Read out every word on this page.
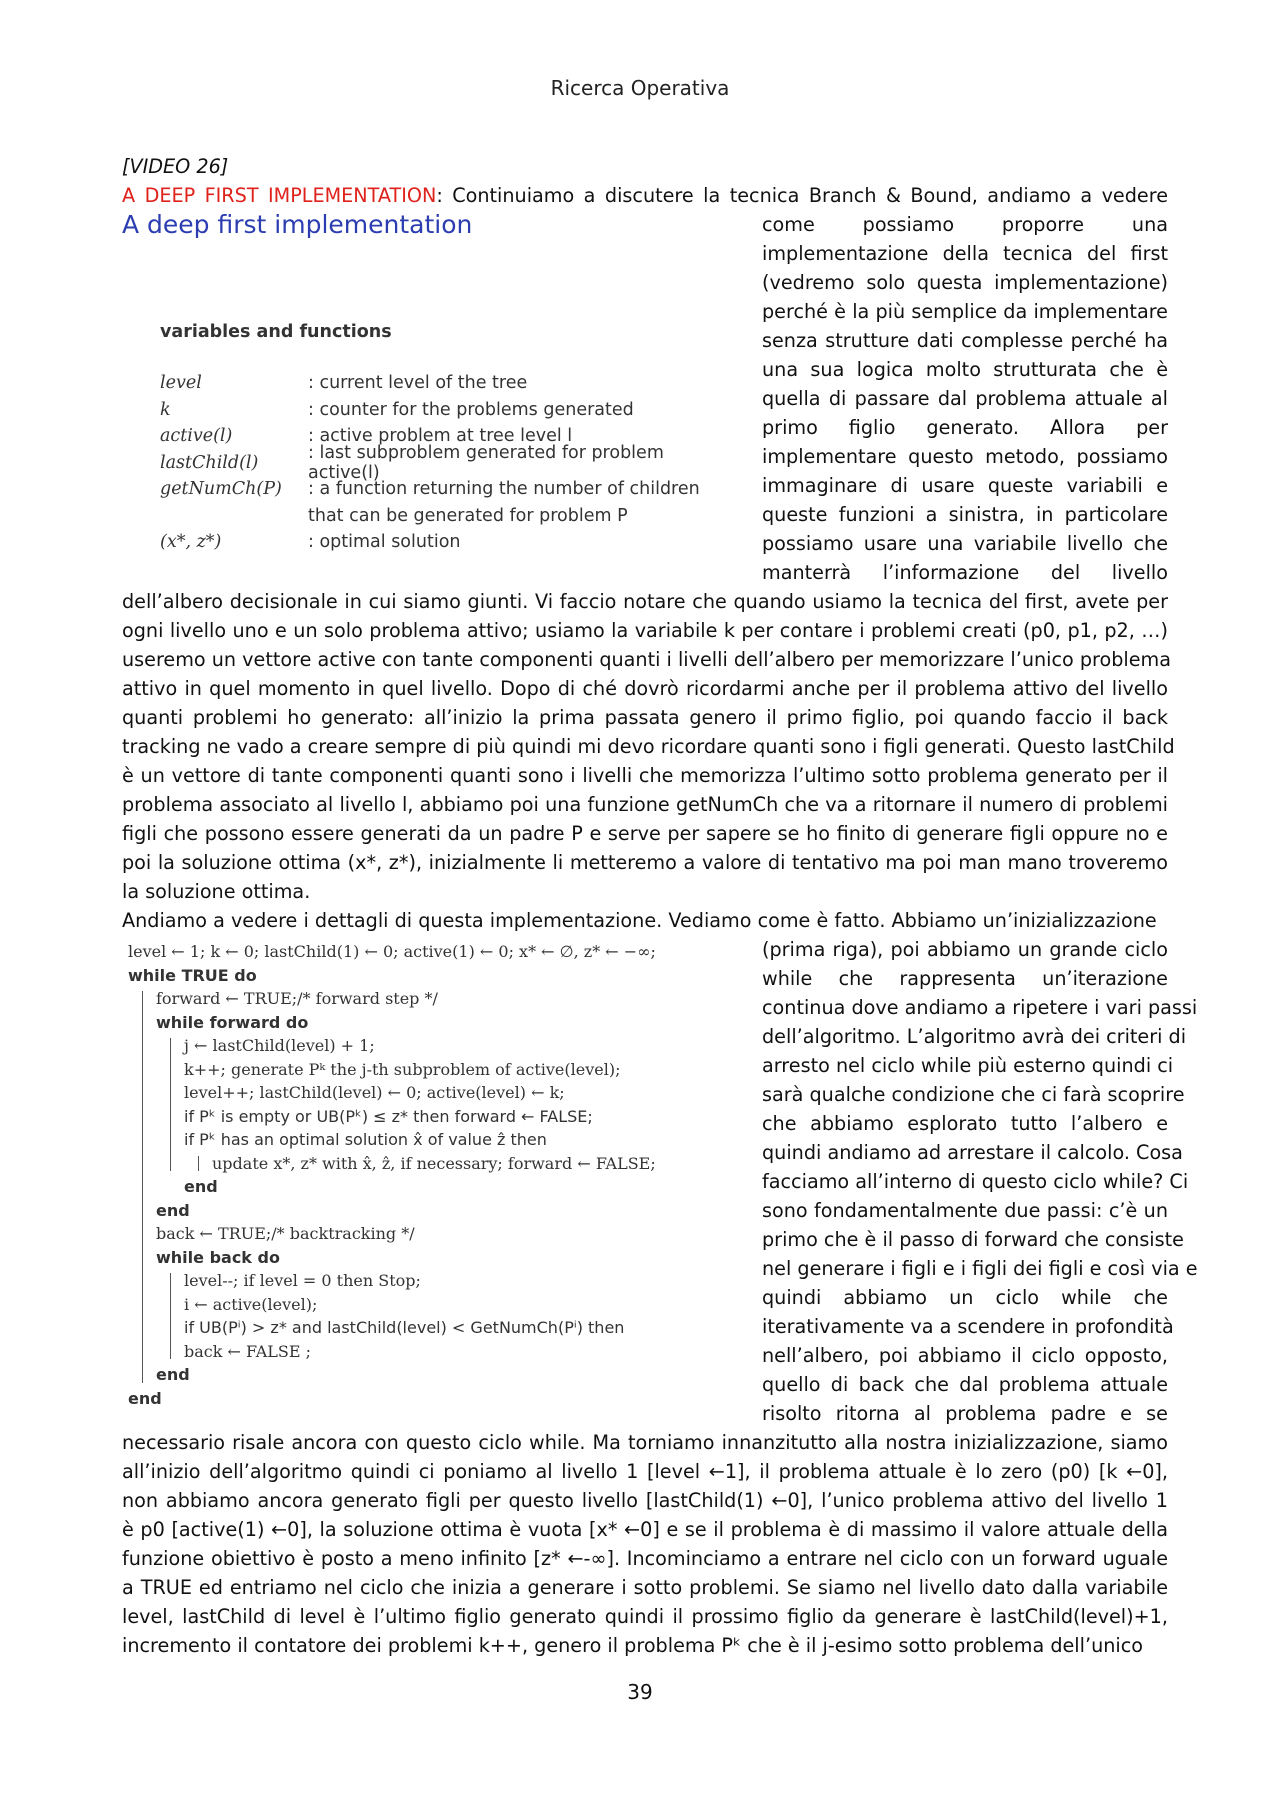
Ricerca Operativa
[VIDEO 26]
A DEEP FIRST IMPLEMENTATION: Continuiamo a discutere la tecnica Branch & Bound, andiamo a vedere
A deep first implementation
variables and functions
level	: current level of the tree
k	: counter for the problems generated
active(l)	: active problem at tree level l
lastChild(l)	: last subproblem generated for problem active(l)
getNumCh(P)	: a function returning the number of children
that can be generated for problem P
(x*, z*)	: optimal solution
come possiamo proporre una
implementazione della tecnica del first
(vedremo solo questa implementazione)
perché è la più semplice da implementare
senza strutture dati complesse perché ha
una sua logica molto strutturata che è
quella di passare dal problema attuale al
primo figlio generato. Allora per
implementare questo metodo, possiamo
immaginare di usare queste variabili e
queste funzioni a sinistra, in particolare
possiamo usare una variabile livello che
manterrà l’informazione del livello
dell’albero decisionale in cui siamo giunti. Vi faccio notare che quando usiamo la tecnica del first, avete per
ogni livello uno e un solo problema attivo; usiamo la variabile k per contare i problemi creati (p0, p1, p2, …)
useremo un vettore active con tante componenti quanti i livelli dell’albero per memorizzare l’unico problema
attivo in quel momento in quel livello. Dopo di ché dovrò ricordarmi anche per il problema attivo del livello
quanti problemi ho generato: all’inizio la prima passata genero il primo figlio, poi quando faccio il back
tracking ne vado a creare sempre di più quindi mi devo ricordare quanti sono i figli generati. Questo lastChild
è un vettore di tante componenti quanti sono i livelli che memorizza l’ultimo sotto problema generato per il
problema associato al livello l, abbiamo poi una funzione getNumCh che va a ritornare il numero di problemi
figli che possono essere generati da un padre P e serve per sapere se ho finito di generare figli oppure no e
poi la soluzione ottima (x*, z*), inizialmente li metteremo a valore di tentativo ma poi man mano troveremo
la soluzione ottima.
Andiamo a vedere i dettagli di questa implementazione. Vediamo come è fatto. Abbiamo un’inizializzazione
level ← 1; k ← 0; lastChild(1) ← 0; active(1) ← 0; x* ← ∅, z* ← −∞;
while TRUE do
forward ← TRUE;/* forward step */
while forward do
j ← lastChild(level) + 1;
k++; generate Pᵏ the j-th subproblem of active(level);
level++; lastChild(level) ← 0; active(level) ← k;
if Pᵏ is empty or UB(Pᵏ) ≤ z* then forward ← FALSE;
if Pᵏ has an optimal solution x̂ of value ẑ then
update x*, z* with x̂, ẑ, if necessary; forward ← FALSE;
end
end
back ← TRUE;/* backtracking */
while back do
level--; if level = 0 then Stop;
i ← active(level);
if UB(Pⁱ) > z* and lastChild(level) < GetNumCh(Pⁱ) then
back ← FALSE ;
end
end
(prima riga), poi abbiamo un grande ciclo
while che rappresenta un’iterazione
continua dove andiamo a ripetere i vari passi
dell’algoritmo. L’algoritmo avrà dei criteri di
arresto nel ciclo while più esterno quindi ci
sarà qualche condizione che ci farà scoprire
che abbiamo esplorato tutto l’albero e
quindi andiamo ad arrestare il calcolo. Cosa
facciamo all’interno di questo ciclo while? Ci
sono fondamentalmente due passi: c’è un
primo che è il passo di forward che consiste
nel generare i figli e i figli dei figli e così via e
quindi abbiamo un ciclo while che
iterativamente va a scendere in profondità
nell’albero, poi abbiamo il ciclo opposto,
quello di back che dal problema attuale
risolto ritorna al problema padre e se
necessario risale ancora con questo ciclo while. Ma torniamo innanzitutto alla nostra inizializzazione, siamo
all’inizio dell’algoritmo quindi ci poniamo al livello 1 [level ←1], il problema attuale è lo zero (p0) [k ←0],
non abbiamo ancora generato figli per questo livello [lastChild(1) ←0], l’unico problema attivo del livello 1
è p0 [active(1) ←0], la soluzione ottima è vuota [x* ←0] e se il problema è di massimo il valore attuale della
funzione obiettivo è posto a meno infinito [z* ←-∞]. Incominciamo a entrare nel ciclo con un forward uguale
a TRUE ed entriamo nel ciclo che inizia a generare i sotto problemi. Se siamo nel livello dato dalla variabile
level, lastChild di level è l’ultimo figlio generato quindi il prossimo figlio da generare è lastChild(level)+1,
incremento il contatore dei problemi k++, genero il problema Pᵏ che è il j-esimo sotto problema dell’unico
39
